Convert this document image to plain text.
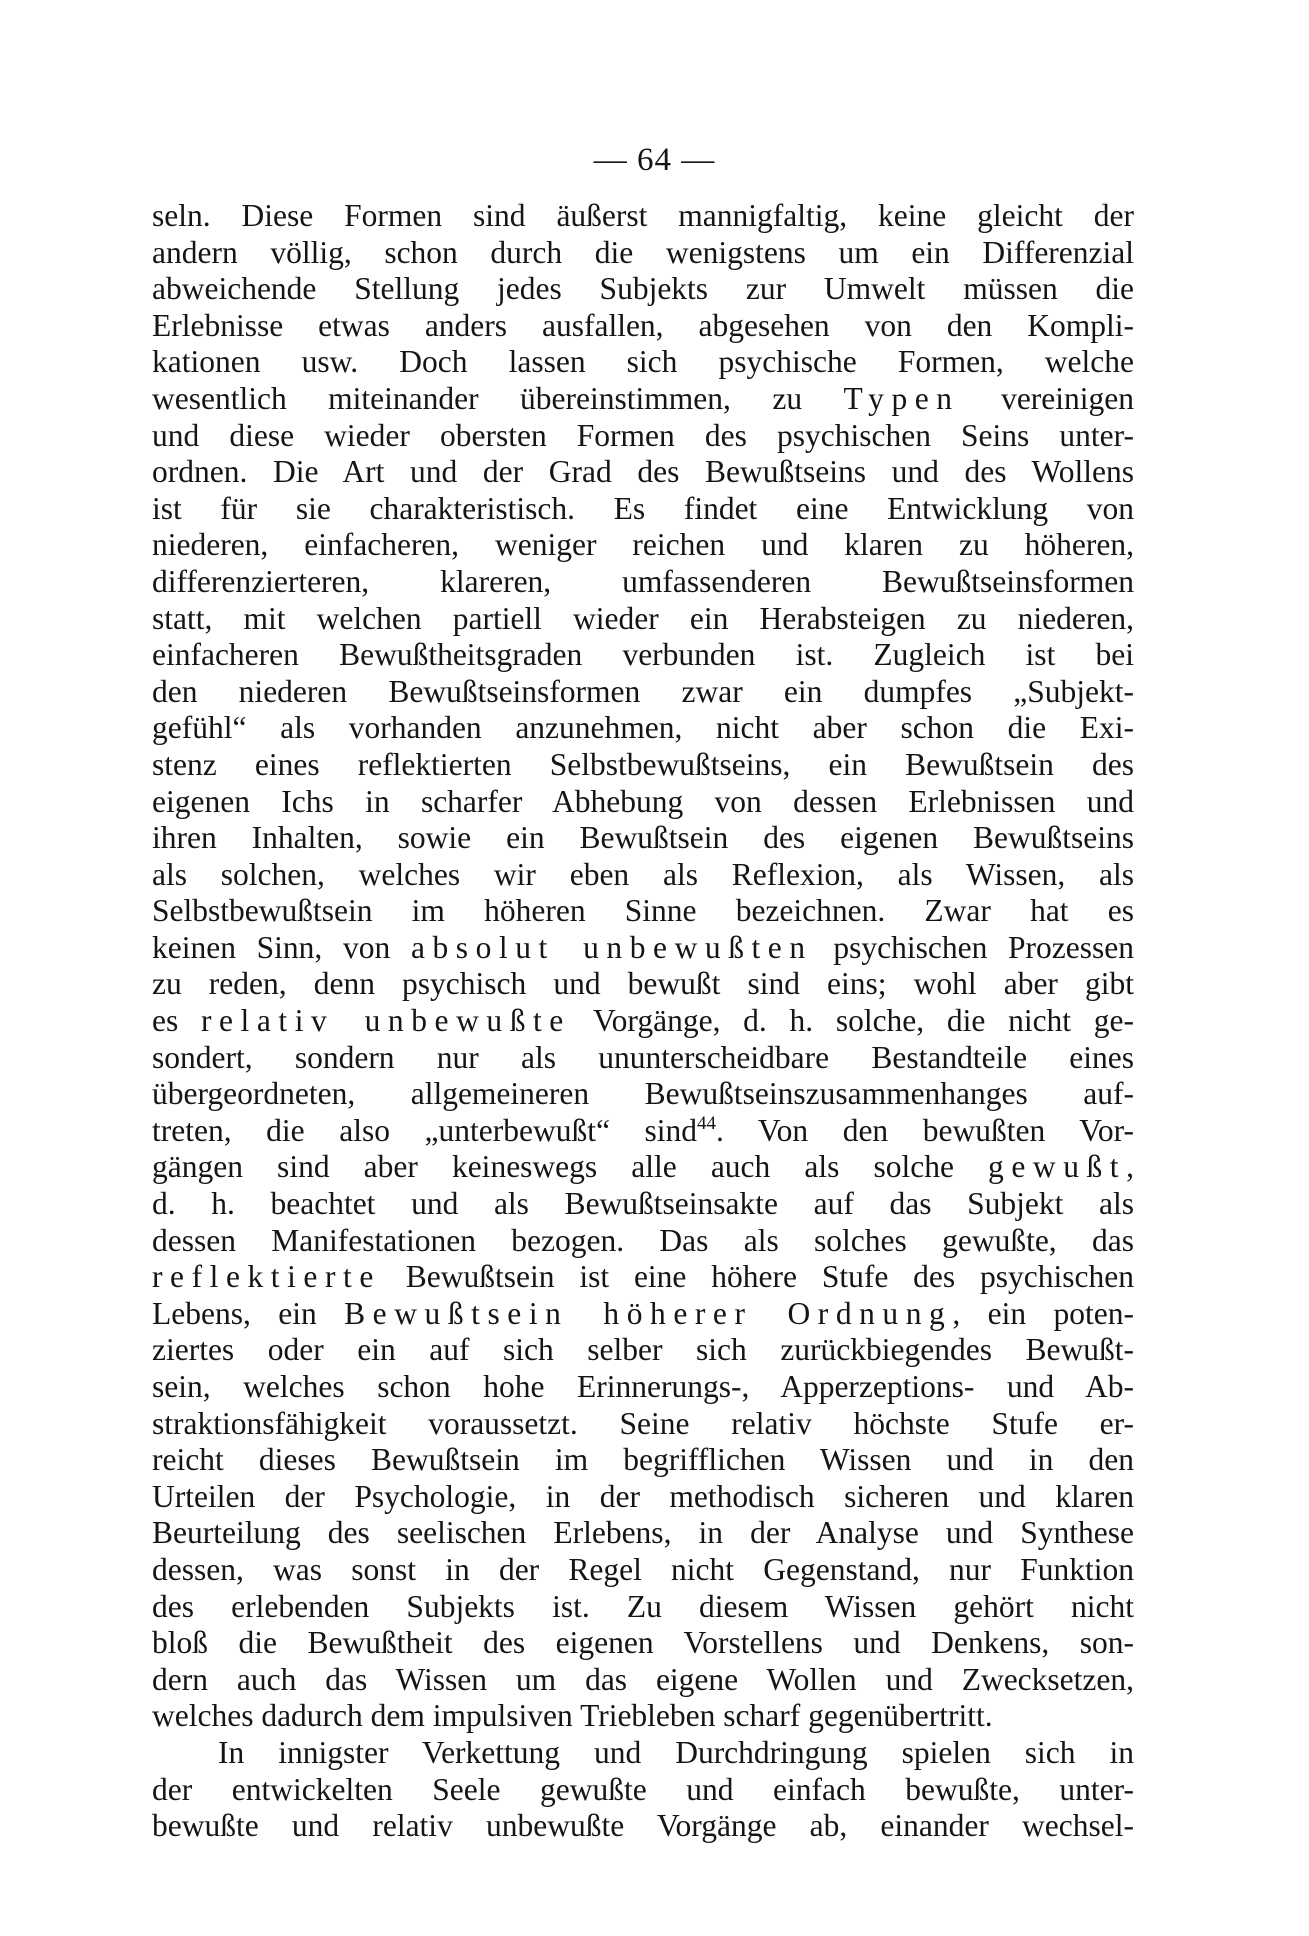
— 64 —
seln. Diese Formen sind äußerst mannigfaltig, keine gleicht der
andern völlig, schon durch die wenigstens um ein Differenzial
abweichende Stellung jedes Subjekts zur Umwelt müssen die
Erlebnisse etwas anders ausfallen, abgesehen von den Kompli-
kationen usw. Doch lassen sich psychische Formen, welche
wesentlich miteinander übereinstimmen, zu Typen vereinigen
und diese wieder obersten Formen des psychischen Seins unter-
ordnen. Die Art und der Grad des Bewußtseins und des Wollens
ist für sie charakteristisch. Es findet eine Entwicklung von
niederen, einfacheren, weniger reichen und klaren zu höheren,
differenzierteren, klareren, umfassenderen Bewußtseinsformen
statt, mit welchen partiell wieder ein Herabsteigen zu niederen,
einfacheren Bewußtheitsgraden verbunden ist. Zugleich ist bei
den niederen Bewußtseinsformen zwar ein dumpfes „Subjekt-
gefühl“ als vorhanden anzunehmen, nicht aber schon die Exi-
stenz eines reflektierten Selbstbewußtseins, ein Bewußtsein des
eigenen Ichs in scharfer Abhebung von dessen Erlebnissen und
ihren Inhalten, sowie ein Bewußtsein des eigenen Bewußtseins
als solchen, welches wir eben als Reflexion, als Wissen, als
Selbstbewußtsein im höheren Sinne bezeichnen. Zwar hat es
keinen Sinn, von absolut unbewußten psychischen Prozessen
zu reden, denn psychisch und bewußt sind eins; wohl aber gibt
es relativ unbewußte Vorgänge, d. h. solche, die nicht ge-
sondert, sondern nur als ununterscheidbare Bestandteile eines
übergeordneten, allgemeineren Bewußtseinszusammenhanges auf-
treten, die also „unterbewußt“ sind$^{44}$. Von den bewußten Vor-
gängen sind aber keineswegs alle auch als solche gewußt,
d. h. beachtet und als Bewußtseinsakte auf das Subjekt als
dessen Manifestationen bezogen. Das als solches gewußte, das
reflektierte Bewußtsein ist eine höhere Stufe des psychischen
Lebens, ein Bewußtsein höherer Ordnung, ein poten-
ziertes oder ein auf sich selber sich zurückbiegendes Bewußt-
sein, welches schon hohe Erinnerungs-, Apperzeptions- und Ab-
straktionsfähigkeit voraussetzt. Seine relativ höchste Stufe er-
reicht dieses Bewußtsein im begrifflichen Wissen und in den
Urteilen der Psychologie, in der methodisch sicheren und klaren
Beurteilung des seelischen Erlebens, in der Analyse und Synthese
dessen, was sonst in der Regel nicht Gegenstand, nur Funktion
des erlebenden Subjekts ist. Zu diesem Wissen gehört nicht
bloß die Bewußtheit des eigenen Vorstellens und Denkens, son-
dern auch das Wissen um das eigene Wollen und Zwecksetzen,
welches dadurch dem impulsiven Triebleben scharf gegenübertritt.
In innigster Verkettung und Durchdringung spielen sich in
der entwickelten Seele gewußte und einfach bewußte, unter-
bewußte und relativ unbewußte Vorgänge ab, einander wechsel-
